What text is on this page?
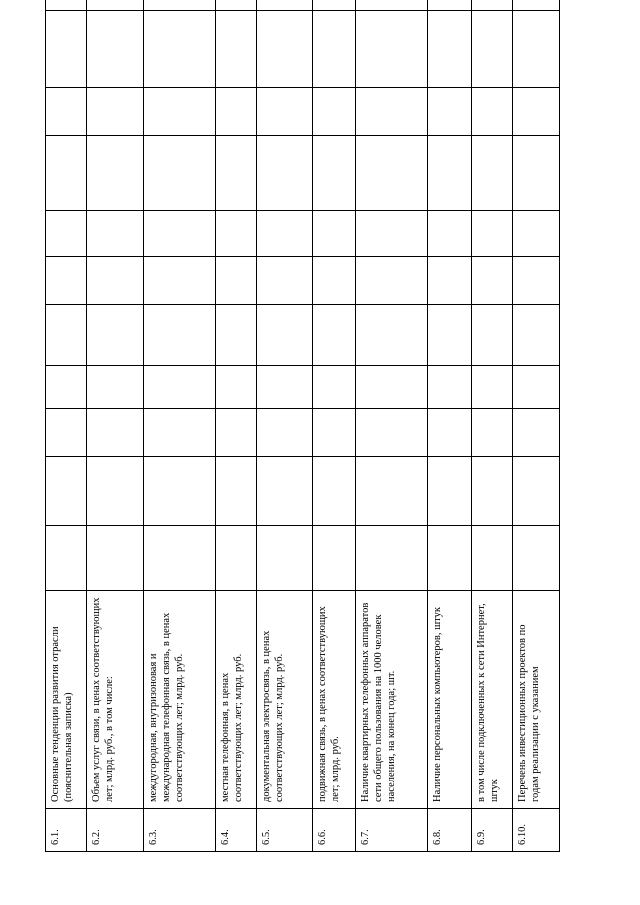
6.1.	Основные тенденции развития отрасли (пояснительная записка)											
6.2.	Объем услуг связи, в ценах соответствующих лет; млрд. руб., в том числе:											
6.3.	междугородная, внутризоновая и международная телефонная связь, в ценах соответствующих лет; млрд. руб.											
6.4.	местная телефонная, в ценах соответствующих лет; млрд. руб.											
6.5.	документальная электросвязь, в ценах соответствующих лет; млрд. руб.											
6.6.	подвижная связь, в ценах соответствующих лет; млрд. руб.											
6.7.	Наличие квартирных телефонных аппаратов сети общего пользования на 1000 человек населения, на конец года; шт.											
6.8.	Наличие персональных компьютеров, штук											
6.9.	в том числе подключенных к сети Интернет, штук											
6.10.	Перечень инвестиционных проектов по годам реализации с указанием											
